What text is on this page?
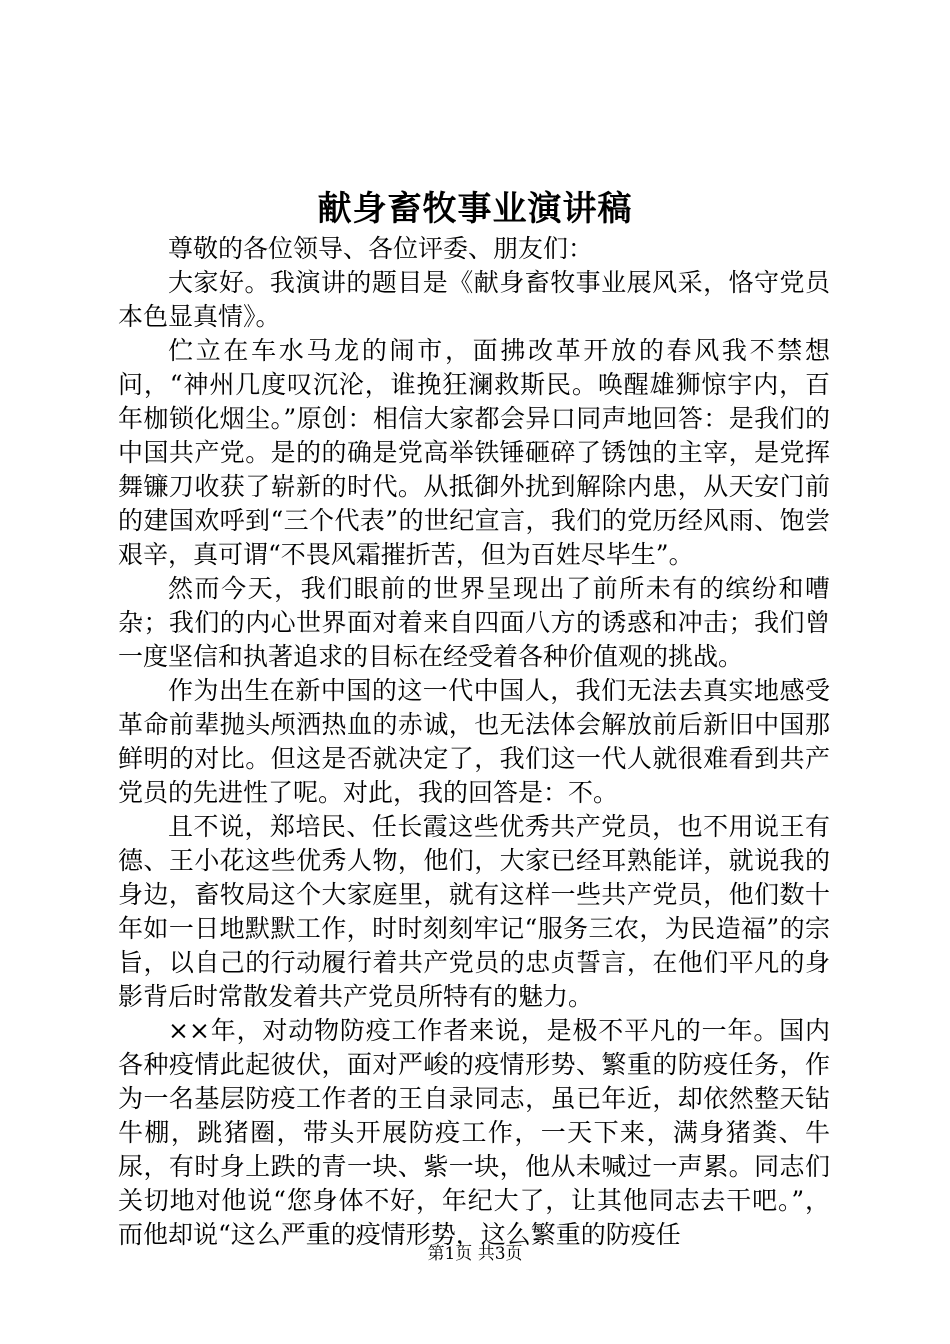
献身畜牧事业演讲稿

尊敬的各位领导、各位评委、朋友们：

大家好。我演讲的题目是《献身畜牧事业展风采，恪守党员本色显真情》。

伫立在车水马龙的闹市，面拂改革开放的春风我不禁想问，“神州几度叹沉沦，谁挽狂澜救斯民。唤醒雄狮惊宇内，百年枷锁化烟尘。”原创：相信大家都会异口同声地回答：是我们的中国共产党。是的的确是党高举铁锤砸碎了锈蚀的主宰，是党挥舞镰刀收获了崭新的时代。从抵御外扰到解除内患，从天安门前的建国欢呼到“三个代表”的世纪宣言，我们的党历经风雨、饱尝艰辛，真可谓“不畏风霜摧折苦，但为百姓尽毕生”。

然而今天，我们眼前的世界呈现出了前所未有的缤纷和嘈杂；我们的内心世界面对着来自四面八方的诱惑和冲击；我们曾一度坚信和执著追求的目标在经受着各种价值观的挑战。

作为出生在新中国的这一代中国人，我们无法去真实地感受革命前辈抛头颅洒热血的赤诚，也无法体会解放前后新旧中国那鲜明的对比。但这是否就决定了，我们这一代人就很难看到共产党员的先进性了呢。对此，我的回答是：不。

且不说，郑培民、任长霞这些优秀共产党员，也不用说王有德、王小花这些优秀人物，他们，大家已经耳熟能详，就说我的身边，畜牧局这个大家庭里，就有这样一些共产党员，他们数十年如一日地默默工作，时时刻刻牢记“服务三农，为民造福”的宗旨，以自己的行动履行着共产党员的忠贞誓言，在他们平凡的身影背后时常散发着共产党员所特有的魅力。

××年，对动物防疫工作者来说，是极不平凡的一年。国内各种疫情此起彼伏，面对严峻的疫情形势、繁重的防疫任务，作为一名基层防疫工作者的王自录同志，虽已年近，却依然整天钻牛棚，跳猪圈，带头开展防疫工作，一天下来，满身猪粪、牛尿，有时身上跌的青一块、紫一块，他从未喊过一声累。同志们关切地对他说“您身体不好，年纪大了，让其他同志去干吧。”，而他却说“这么严重的疫情形势，这么繁重的防疫任

第1页 共3页
